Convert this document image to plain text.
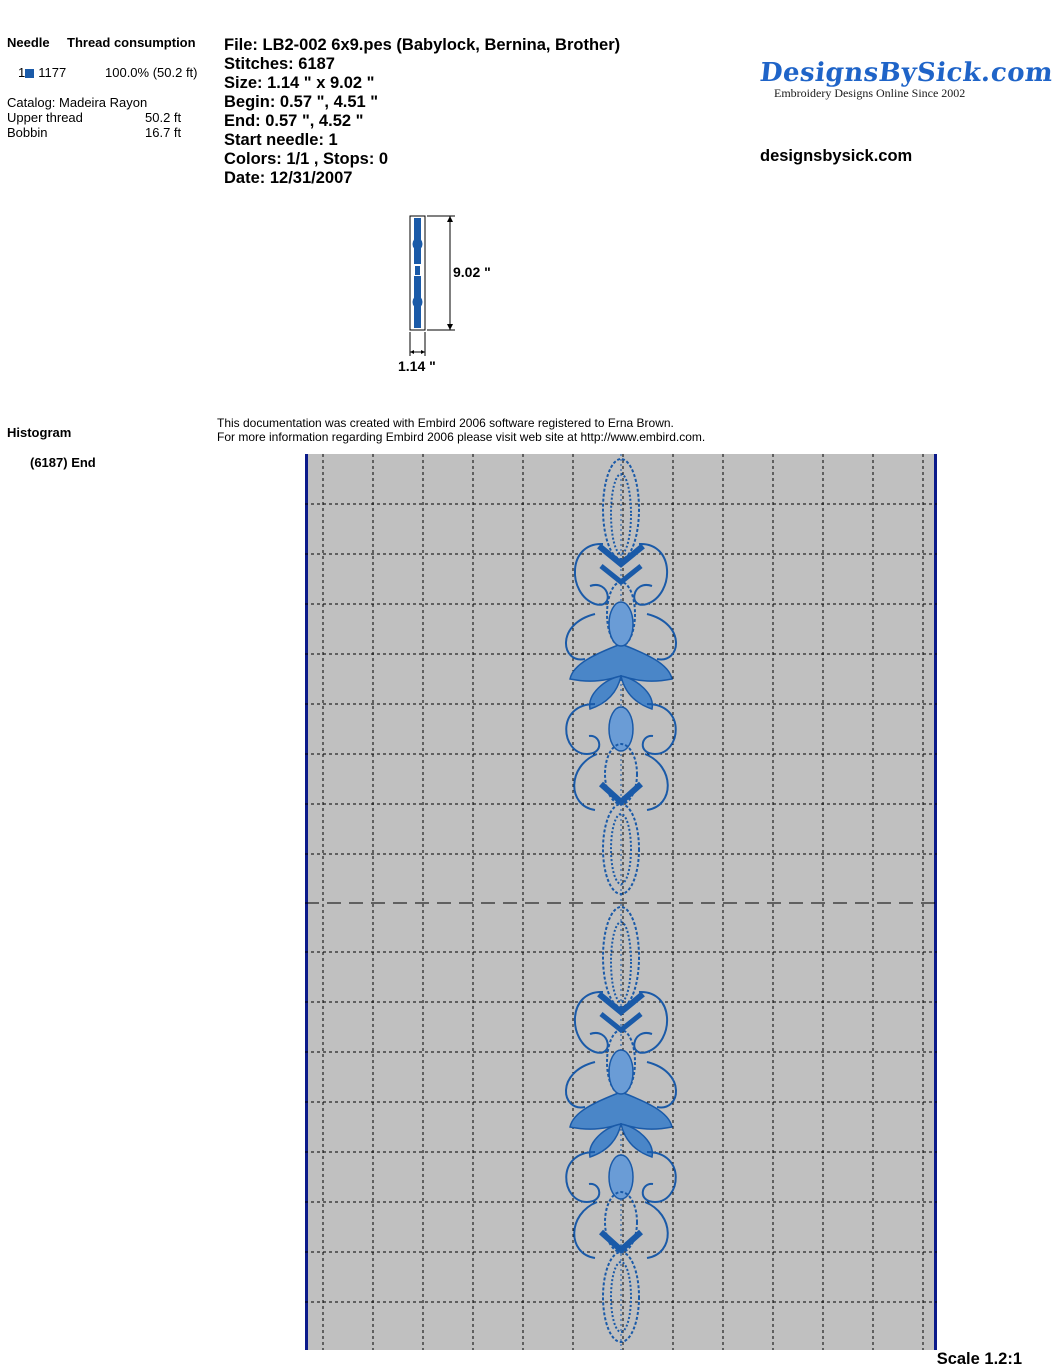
Needle Thread consumption
1 1177	100.0% (50.2 ft)
Catalog: Madeira Rayon
Upper thread	50.2 ft
Bobbin	16.7 ft
File: LB2-002 6x9.pes (Babylock, Bernina, Brother)
Stitches: 6187
Size: 1.14 " x 9.02 "
Begin: 0.57 ", 4.51 "
End: 0.57 ", 4.52 "
Start needle: 1
Colors: 1/1 , Stops: 0
Date: 12/31/2007
DesignsBySick.com
Embroidery Designs Online Since 2002
designsbysick.com
9.02 "
1.14 "
Histogram
(6187) End
This documentation was created with Embird 2006 software registered to Erna Brown.
For more information regarding Embird 2006 please visit web site at http://www.embird.com.
Scale 1.2:1
